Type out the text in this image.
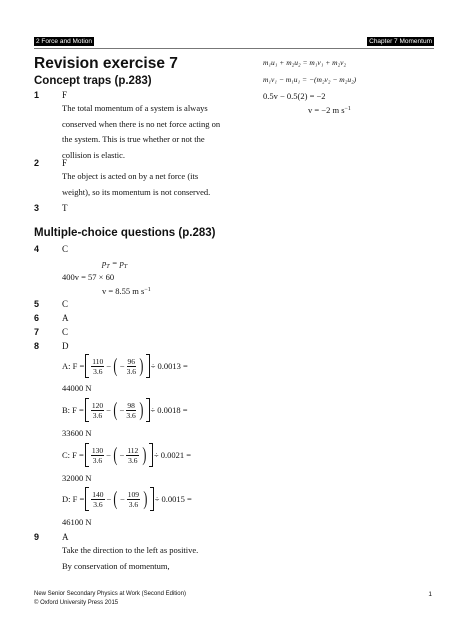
2 Force and Motion	Chapter 7 Momentum
Revision exercise 7
Concept traps (p.283)
1	F
The total momentum of a system is always
conserved when there is no net force acting on
the system. This is true whether or not the
collision is elastic.
2	F
The object is acted on by a net force (its
weight), so its momentum is not conserved.
3	T
Multiple-choice questions (p.283)
4	C
$p_T = p_T$
400v = 57 × 60
v = 8.55 m $s^{-1}$
5	C
6	A
7	C
8	D
A: $F = \frac{110}{3.6}$ − ( − $\frac{96}{3.6}$ ) ÷ 0.0013 =
44000 N
B: $F = \frac{120}{3.6}$ − ( − $\frac{98}{3.6}$ ) ÷ 0.0018 =
33600 N
C: $F = \frac{130}{3.6}$ − ( − $\frac{112}{3.6}$ ) ÷ 0.0021 =
32000 N
D: $F = \frac{140}{3.6}$ − ( − $\frac{109}{3.6}$ ) ÷ 0.0015 =
46100 N
9	A
Take the direction to the left as positive.
By conservation of momentum,
m₁u₁ + m₂u₂ = m₁v₁ + m₂v₂
m₁v₁ − m₁u₁ = −(m₂v₂ − m₂u₂)
0.5v − 0.5(2) = −2
v = −2 m $s^{-1}$
New Senior Secondary Physics at Work (Second Edition)
© Oxford University Press 2015
1
